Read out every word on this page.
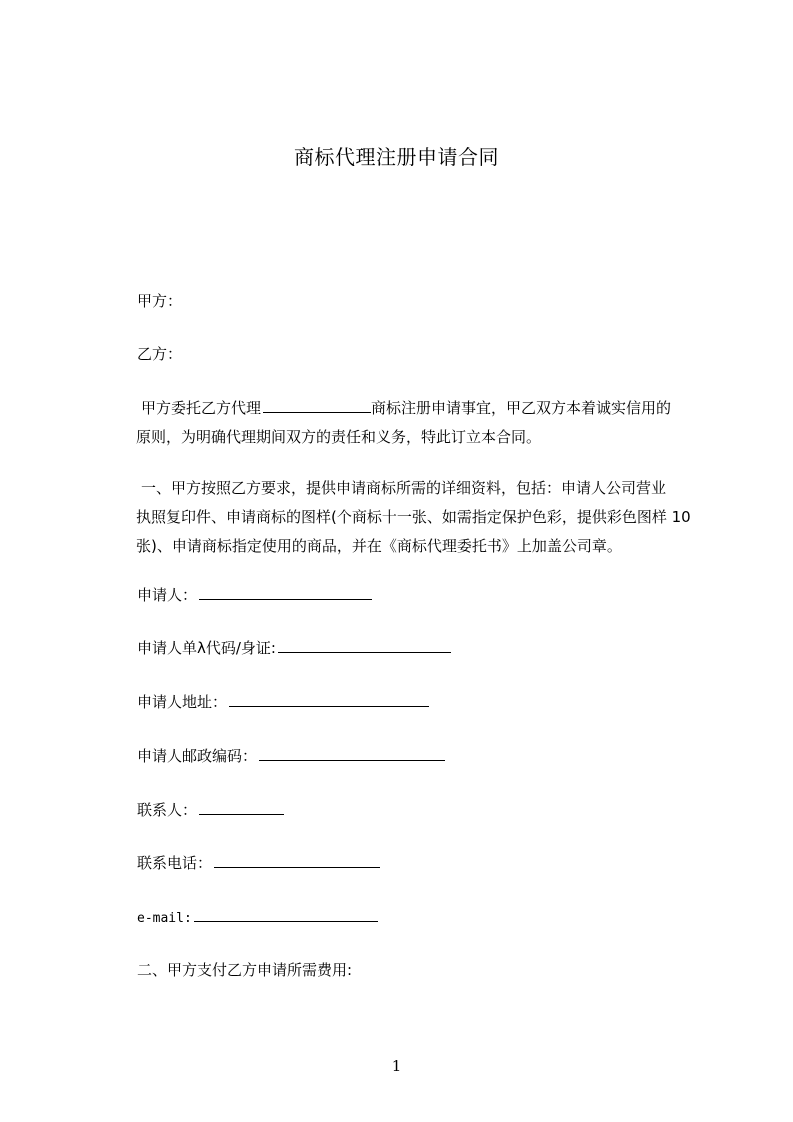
商标代理注册申请合同
甲方：
乙方：
甲方委托乙方代理	商标注册申请事宜，甲乙双方本着诚实信用的
原则，为明确代理期间双方的责任和义务，特此订立本合同。
一、甲方按照乙方要求，提供申请商标所需的详细资料，包括：申请人公司营业
执照复印件、申请商标的图样(个商标十一张、如需指定保护色彩，提供彩色图样 10
张)、申请商标指定使用的商品，并在《商标代理委托书》上加盖公司章。
申请人：
申请人单λ代码/身证:
申请人地址：
申请人邮政编码：
联系人：
联系电话：
e-mail:
二、甲方支付乙方申请所需费用:
1
